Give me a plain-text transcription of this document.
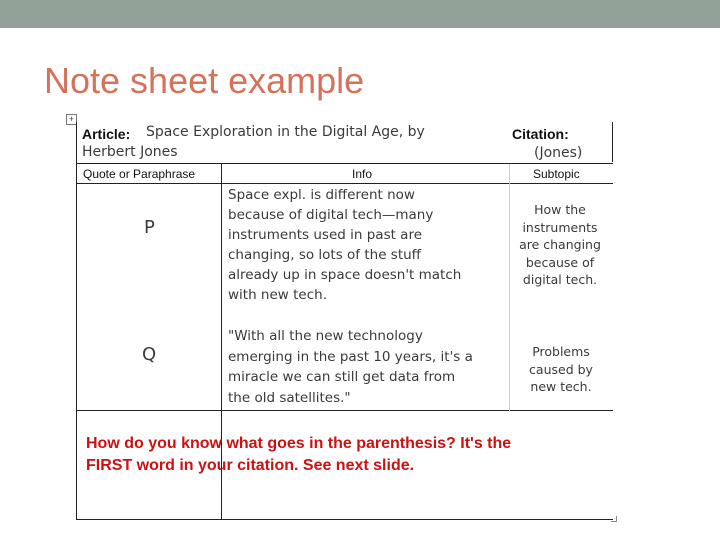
Note sheet example
+
Article: Space Exploration in the Digital Age, by
Herbert Jones
Citation:
(Jones)
Quote or Paraphrase	Info	Subtopic
P
Space expl. is different now
because of digital tech—many
instruments used in past are
changing, so lots of the stuff
already up in space doesn't match
with new tech.
How the
instruments
are changing
because of
digital tech.
Q
"With all the new technology
emerging in the past 10 years, it's a
miracle we can still get data from
the old satellites."
Problems
caused by
new tech.
How do you know what goes in the parenthesis? It's the
FIRST word in your citation. See next slide.
